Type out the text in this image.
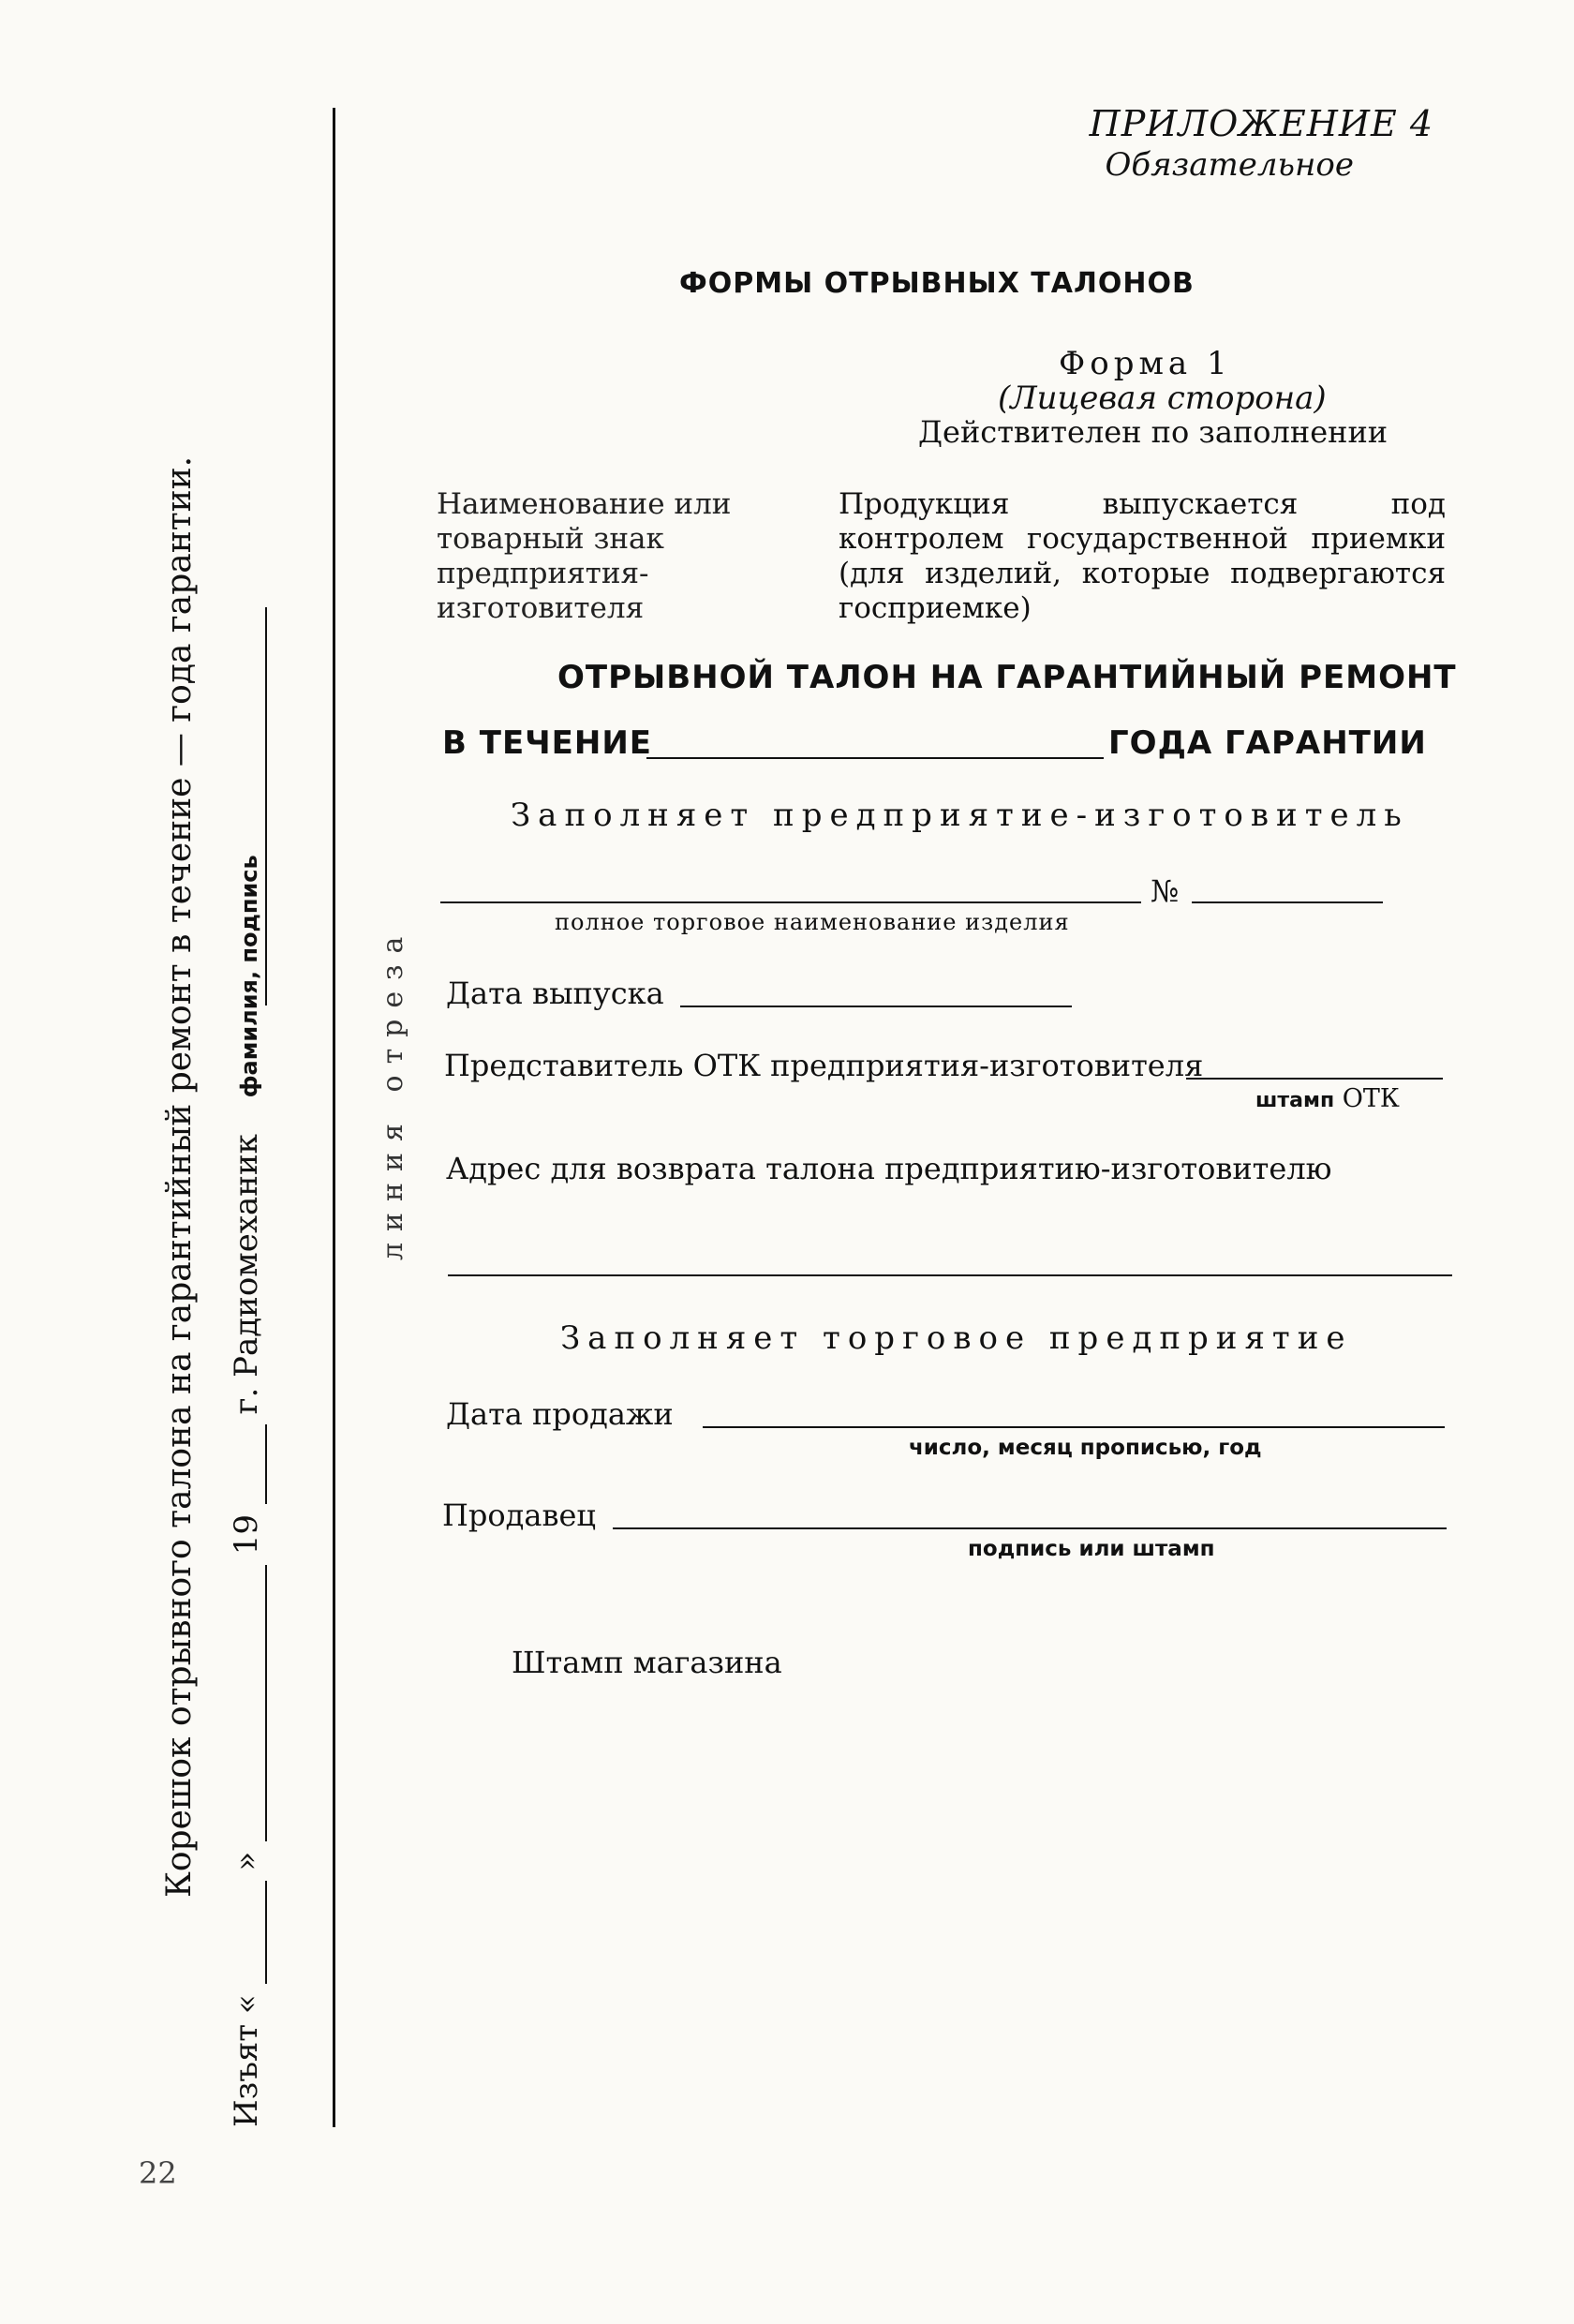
ПРИЛОЖЕНИЕ 4
Обязательное
ФОРМЫ ОТРЫВНЫХ ТАЛОНОВ
Форма 1
(Лицевая сторона)
Действителен по заполнении
Наименование или товарный знак предприятия-изготовителя
Продукция выпускается под контролем государственной приемки (для изделий, которые подвергаются госприемке)
ОТРЫВНОЙ ТАЛОН НА ГАРАНТИЙНЫЙ РЕМОНТ
В ТЕЧЕНИЕ	ГОДА ГАРАНТИИ
Заполняет предприятие-изготовитель
№
полное торговое наименование изделия
Дата выпуска
Представитель ОТК предприятия-изготовителя
штамп ОТК
Адрес для возврата талона предприятию-изготовителю
Заполняет торговое предприятие
Дата продажи
число, месяц прописью, год
Продавец
подпись или штамп
Штамп магазина
Корешок отрывного талона на гарантийный ремонт в течение — года гарантии.
Изъят «   »   19   г. Радиомеханик фамилия, подпись	линия отреза
22
